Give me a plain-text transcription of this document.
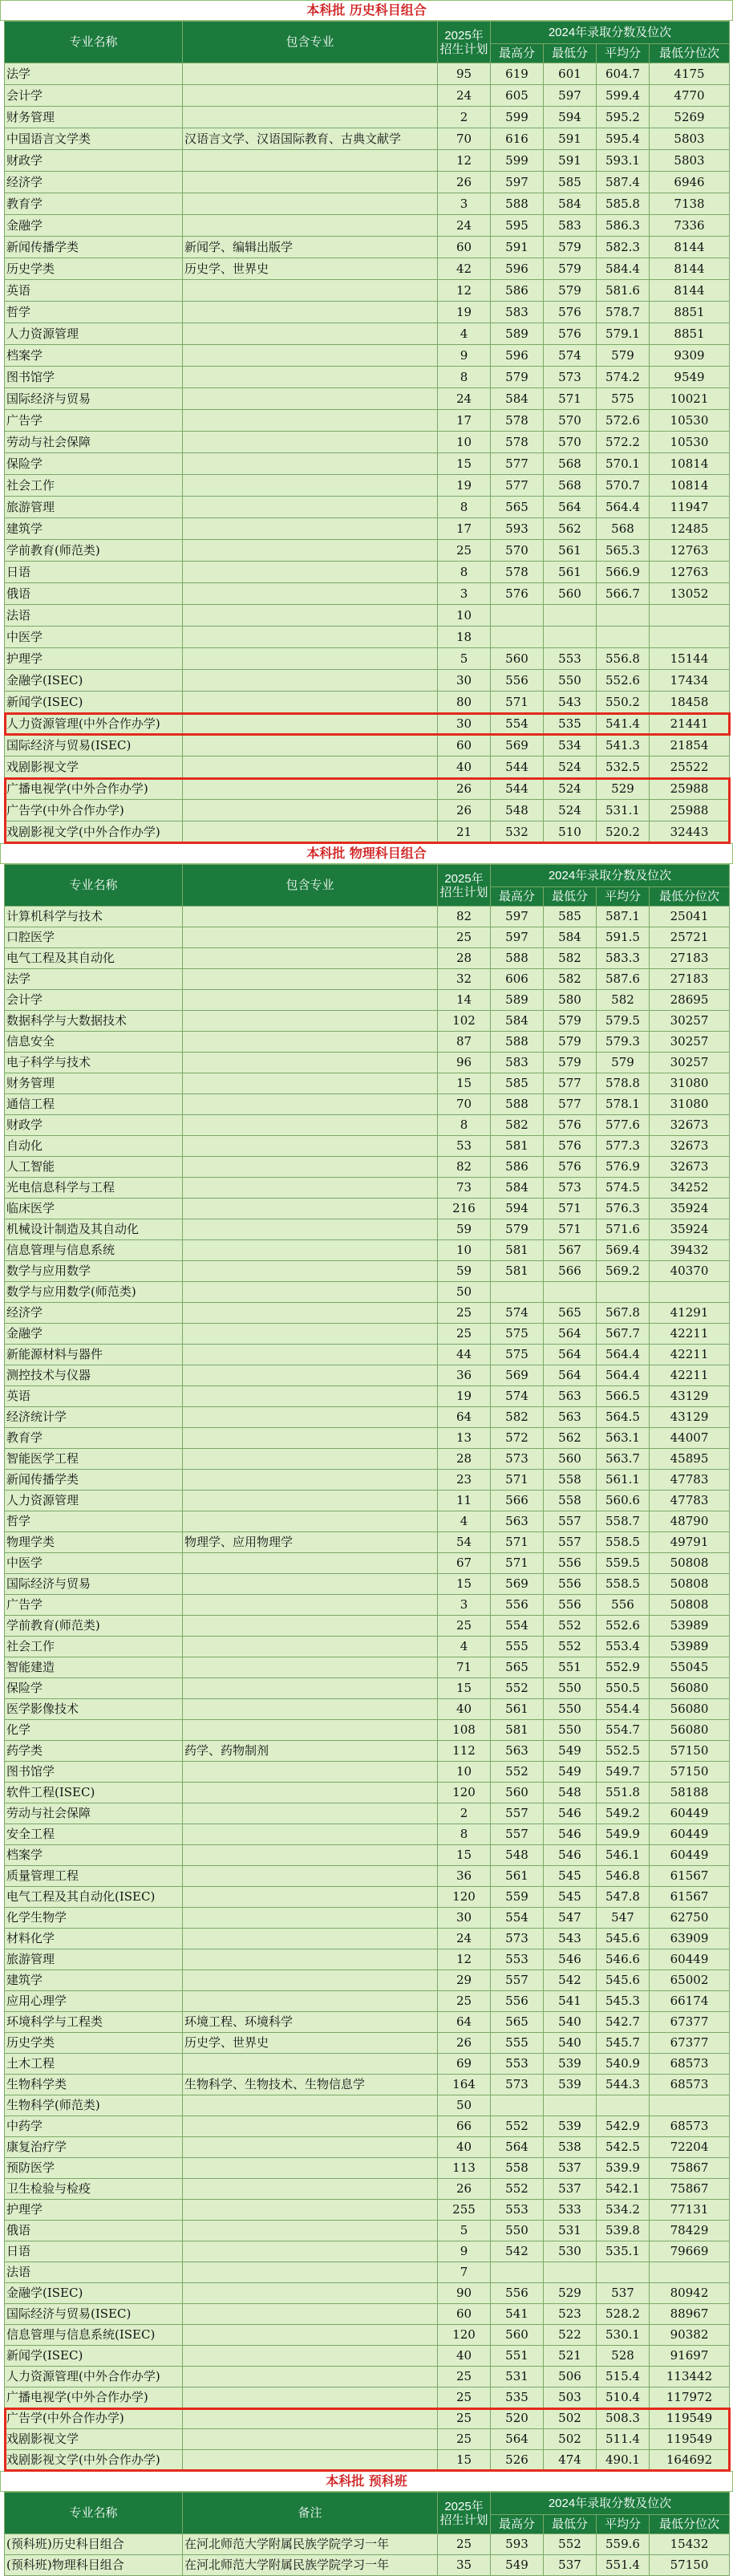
本科批 历史科目组合
专业名称	包含专业	2025年招生计划	2024年录取分数及位次			
			最高分	最低分	平均分	最低分位次
法学		95	619	601	604.7	4175
会计学		24	605	597	599.4	4770
财务管理		2	599	594	595.2	5269
中国语言文学类	汉语言文学、汉语国际教育、古典文献学	70	616	591	595.4	5803
财政学		12	599	591	593.1	5803
经济学		26	597	585	587.4	6946
教育学		3	588	584	585.8	7138
金融学		24	595	583	586.3	7336
新闻传播学类	新闻学、编辑出版学	60	591	579	582.3	8144
历史学类	历史学、世界史	42	596	579	584.4	8144
英语		12	586	579	581.6	8144
哲学		19	583	576	578.7	8851
人力资源管理		4	589	576	579.1	8851
档案学		9	596	574	579	9309
图书馆学		8	579	573	574.2	9549
国际经济与贸易		24	584	571	575	10021
广告学		17	578	570	572.6	10530
劳动与社会保障		10	578	570	572.2	10530
保险学		15	577	568	570.1	10814
社会工作		19	577	568	570.7	10814
旅游管理		8	565	564	564.4	11947
建筑学		17	593	562	568	12485
学前教育(师范类)		25	570	561	565.3	12763
日语		8	578	561	566.9	12763
俄语		3	576	560	566.7	13052
法语		10				
中医学		18				
护理学		5	560	553	556.8	15144
金融学(ISEC)		30	556	550	552.6	17434
新闻学(ISEC)		80	571	543	550.2	18458
人力资源管理(中外合作办学)		30	554	535	541.4	21441
国际经济与贸易(ISEC)		60	569	534	541.3	21854
戏剧影视文学		40	544	524	532.5	25522
广播电视学(中外合作办学)		26	544	524	529	25988
广告学(中外合作办学)		26	548	524	531.1	25988
戏剧影视文学(中外合作办学)		21	532	510	520.2	32443
本科批 物理科目组合
专业名称	包含专业	2025年招生计划	2024年录取分数及位次			
			最高分	最低分	平均分	最低分位次
计算机科学与技术		82	597	585	587.1	25041
口腔医学		25	597	584	591.5	25721
电气工程及其自动化		28	588	582	583.3	27183
法学		32	606	582	587.6	27183
会计学		14	589	580	582	28695
数据科学与大数据技术		102	584	579	579.5	30257
信息安全		87	588	579	579.3	30257
电子科学与技术		96	583	579	579	30257
财务管理		15	585	577	578.8	31080
通信工程		70	588	577	578.1	31080
财政学		8	582	576	577.6	32673
自动化		53	581	576	577.3	32673
人工智能		82	586	576	576.9	32673
光电信息科学与工程		73	584	573	574.5	34252
临床医学		216	594	571	576.3	35924
机械设计制造及其自动化		59	579	571	571.6	35924
信息管理与信息系统		10	581	567	569.4	39432
数学与应用数学		59	581	566	569.2	40370
数学与应用数学(师范类)		50				
经济学		25	574	565	567.8	41291
金融学		25	575	564	567.7	42211
新能源材料与器件		44	575	564	564.4	42211
测控技术与仪器		36	569	564	564.4	42211
英语		19	574	563	566.5	43129
经济统计学		64	582	563	564.5	43129
教育学		13	572	562	563.1	44007
智能医学工程		28	573	560	563.7	45895
新闻传播学类		23	571	558	561.1	47783
人力资源管理		11	566	558	560.6	47783
哲学		4	563	557	558.7	48790
物理学类	物理学、应用物理学	54	571	557	558.5	49791
中医学		67	571	556	559.5	50808
国际经济与贸易		15	569	556	558.5	50808
广告学		3	556	556	556	50808
学前教育(师范类)		25	554	552	552.6	53989
社会工作		4	555	552	553.4	53989
智能建造		71	565	551	552.9	55045
保险学		15	552	550	550.5	56080
医学影像技术		40	561	550	554.4	56080
化学		108	581	550	554.7	56080
药学类	药学、药物制剂	112	563	549	552.5	57150
图书馆学		10	552	549	549.7	57150
软件工程(ISEC)		120	560	548	551.8	58188
劳动与社会保障		2	557	546	549.2	60449
安全工程		8	557	546	549.9	60449
档案学		15	548	546	546.1	60449
质量管理工程		36	561	545	546.8	61567
电气工程及其自动化(ISEC)		120	559	545	547.8	61567
化学生物学		30	554	547	547	62750
材料化学		24	573	543	545.6	63909
旅游管理		12	553	546	546.6	60449
建筑学		29	557	542	545.6	65002
应用心理学		25	556	541	545.3	66174
环境科学与工程类	环境工程、环境科学	64	565	540	542.7	67377
历史学类	历史学、世界史	26	555	540	545.7	67377
土木工程		69	553	539	540.9	68573
生物科学类	生物科学、生物技术、生物信息学	164	573	539	544.3	68573
生物科学(师范类)		50				
中药学		66	552	539	542.9	68573
康复治疗学		40	564	538	542.5	72204
预防医学		113	558	537	539.9	75867
卫生检验与检疫		26	552	537	542.1	75867
护理学		255	553	533	534.2	77131
俄语		5	550	531	539.8	78429
日语		9	542	530	535.1	79669
法语		7				
金融学(ISEC)		90	556	529	537	80942
国际经济与贸易(ISEC)		60	541	523	528.2	88967
信息管理与信息系统(ISEC)		120	560	522	530.1	90382
新闻学(ISEC)		40	551	521	528	91697
人力资源管理(中外合作办学)		25	531	506	515.4	113442
广播电视学(中外合作办学)		25	535	503	510.4	117972
广告学(中外合作办学)		25	520	502	508.3	119549
戏剧影视文学		25	564	502	511.4	119549
戏剧影视文学(中外合作办学)		15	526	474	490.1	164692
本科批 预科班
专业名称	备注	2025年招生计划	2024年录取分数及位次			
			最高分	最低分	平均分	最低分位次
(预科班)历史科目组合	在河北师范大学附属民族学院学习一年	25	593	552	559.6	15432
(预科班)物理科目组合	在河北师范大学附属民族学院学习一年	35	549	537	551.4	57150
